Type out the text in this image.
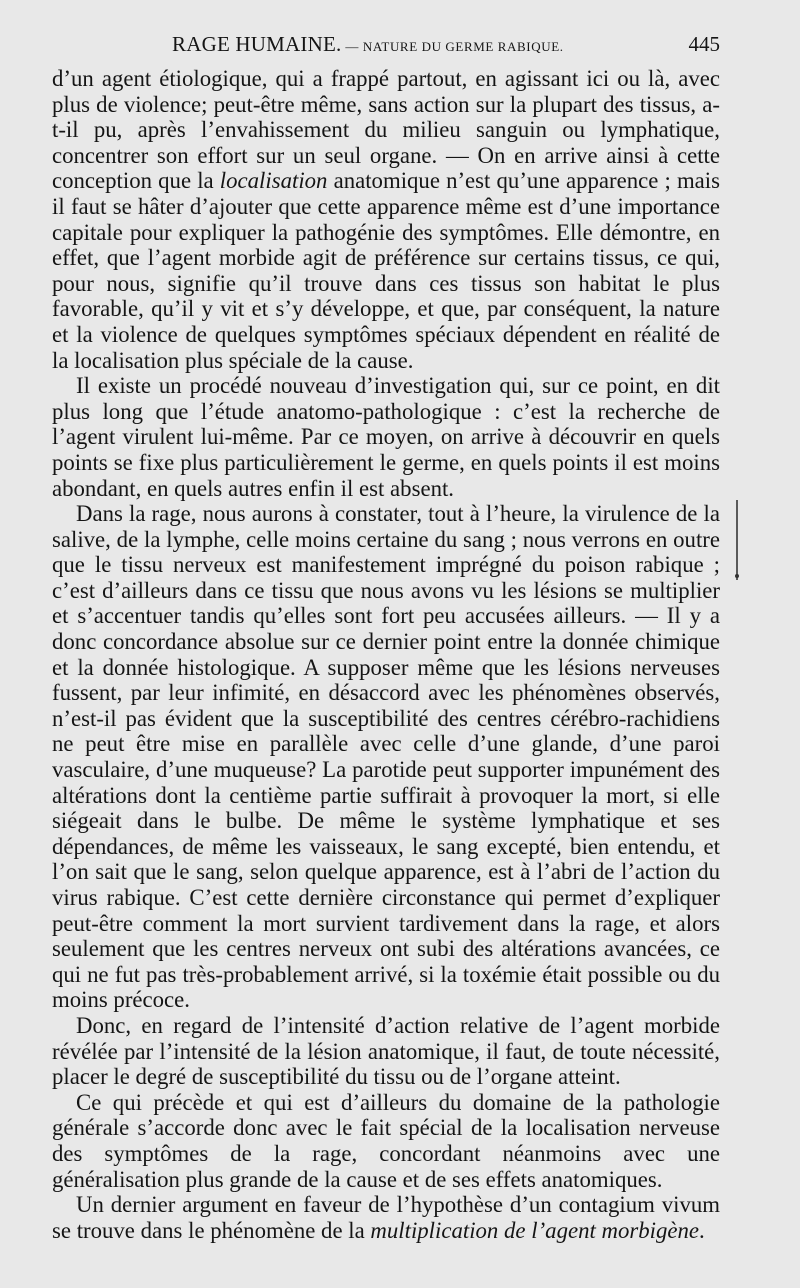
RAGE HUMAINE. — NATURE DU GERME RABIQUE.	445

d’un agent étiologique, qui a frappé partout, en agissant ici ou là, avec plus de violence; peut-être même, sans action sur la plupart des tissus, a-t-il pu, après l’envahissement du milieu sanguin ou lymphatique, concentrer son effort sur un seul organe. — On en arrive ainsi à cette conception que la localisation anatomique n’est qu’une apparence ; mais il faut se hâter d’ajouter que cette apparence même est d’une importance capitale pour expliquer la pathogénie des symptômes. Elle démontre, en effet, que l’agent morbide agit de préférence sur certains tissus, ce qui, pour nous, signifie qu’il trouve dans ces tissus son habitat le plus favorable, qu’il y vit et s’y développe, et que, par conséquent, la nature et la violence de quelques symptômes spéciaux dépendent en réalité de la localisation plus spéciale de la cause.

Il existe un procédé nouveau d’investigation qui, sur ce point, en dit plus long que l’étude anatomo-pathologique : c’est la recherche de l’agent virulent lui-même. Par ce moyen, on arrive à découvrir en quels points se fixe plus particulièrement le germe, en quels points il est moins abondant, en quels autres enfin il est absent.

Dans la rage, nous aurons à constater, tout à l’heure, la virulence de la salive, de la lymphe, celle moins certaine du sang ; nous verrons en outre que le tissu nerveux est manifestement imprégné du poison rabique ; c’est d’ailleurs dans ce tissu que nous avons vu les lésions se multiplier et s’accentuer tandis qu’elles sont fort peu accusées ailleurs. — Il y a donc concordance absolue sur ce dernier point entre la donnée chimique et la donnée histologique. A supposer même que les lésions nerveuses fussent, par leur infimité, en désaccord avec les phénomènes observés, n’est-il pas évident que la susceptibilité des centres cérébro-rachidiens ne peut être mise en parallèle avec celle d’une glande, d’une paroi vasculaire, d’une muqueuse? La parotide peut supporter impunément des altérations dont la centième partie suffirait à provoquer la mort, si elle siégeait dans le bulbe. De même le système lymphatique et ses dépendances, de même les vaisseaux, le sang excepté, bien entendu, et l’on sait que le sang, selon quelque apparence, est à l’abri de l’action du virus rabique. C’est cette dernière circonstance qui permet d’expliquer peut-être comment la mort survient tardivement dans la rage, et alors seulement que les centres nerveux ont subi des altérations avancées, ce qui ne fut pas très-probablement arrivé, si la toxémie était possible ou du moins précoce.

Donc, en regard de l’intensité d’action relative de l’agent morbide révélée par l’intensité de la lésion anatomique, il faut, de toute nécessité, placer le degré de susceptibilité du tissu ou de l’organe atteint.

Ce qui précède et qui est d’ailleurs du domaine de la pathologie générale s’accorde donc avec le fait spécial de la localisation nerveuse des symptômes de la rage, concordant néanmoins avec une généralisation plus grande de la cause et de ses effets anatomiques.

Un dernier argument en faveur de l’hypothèse d’un contagium vivum se trouve dans le phénomène de la multiplication de l’agent morbigène.
